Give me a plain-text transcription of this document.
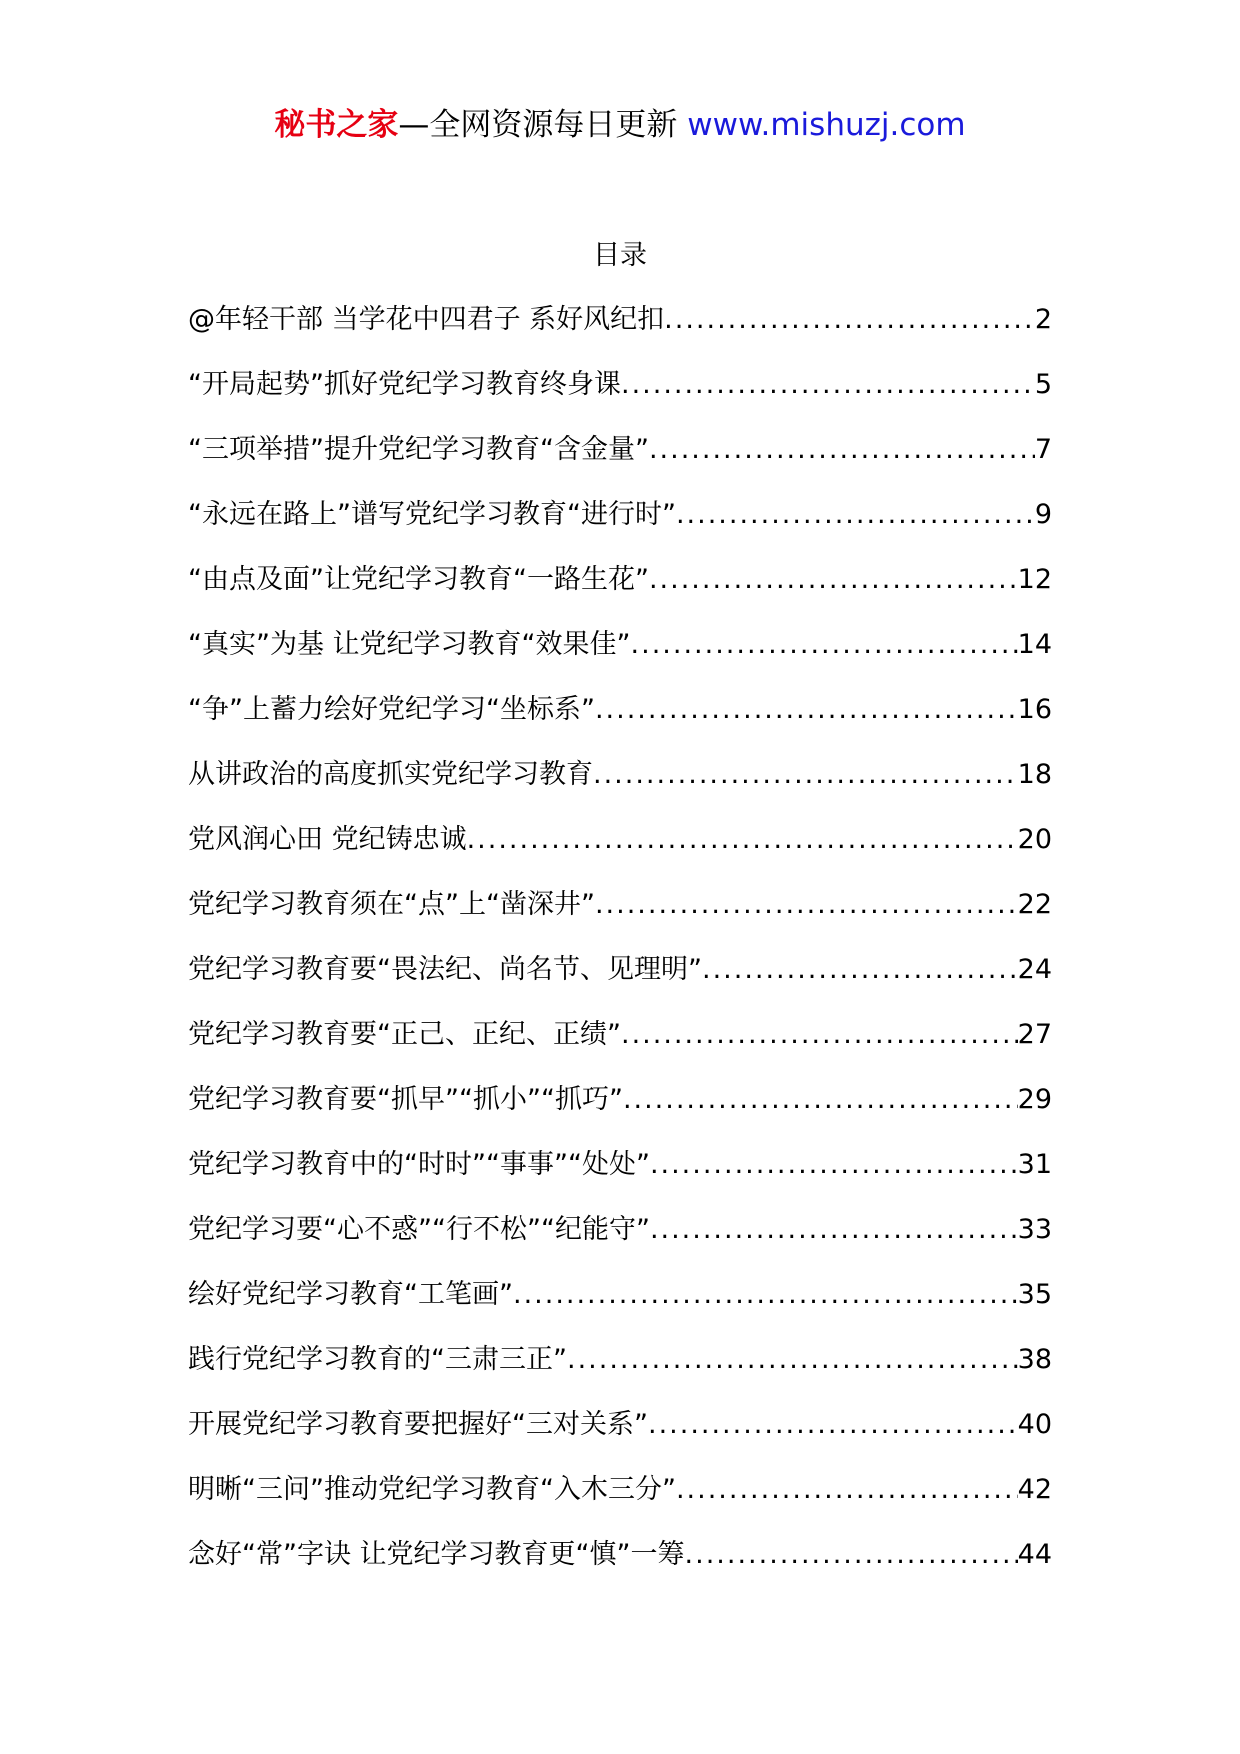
秘书之家—全网资源每日更新 www.mishuzj.com
目录
@年轻干部 当学花中四君子 系好风纪扣 .....	2
“开局起势”抓好党纪学习教育终身课 .....	5
“三项举措”提升党纪学习教育“含金量” .....	7
“永远在路上”谱写党纪学习教育“进行时” .....	9
“由点及面”让党纪学习教育“一路生花” .....	12
“真实”为基 让党纪学习教育“效果佳” .....	14
“争”上蓄力绘好党纪学习“坐标系” .....	16
从讲政治的高度抓实党纪学习教育 .....	18
党风润心田 党纪铸忠诚 .....	20
党纪学习教育须在“点”上“凿深井” .....	22
党纪学习教育要“畏法纪、尚名节、见理明” .....	24
党纪学习教育要“正己、正纪、正绩” .....	27
党纪学习教育要“抓早”“抓小”“抓巧” .....	29
党纪学习教育中的“时时”“事事”“处处” .....	31
党纪学习要“心不惑”“行不松”“纪能守” .....	33
绘好党纪学习教育“工笔画” .....	35
践行党纪学习教育的“三肃三正” .....	38
开展党纪学习教育要把握好“三对关系” .....	40
明晰“三问”推动党纪学习教育“入木三分” .....	42
念好“常”字诀 让党纪学习教育更“慎”一筹 .....	44
